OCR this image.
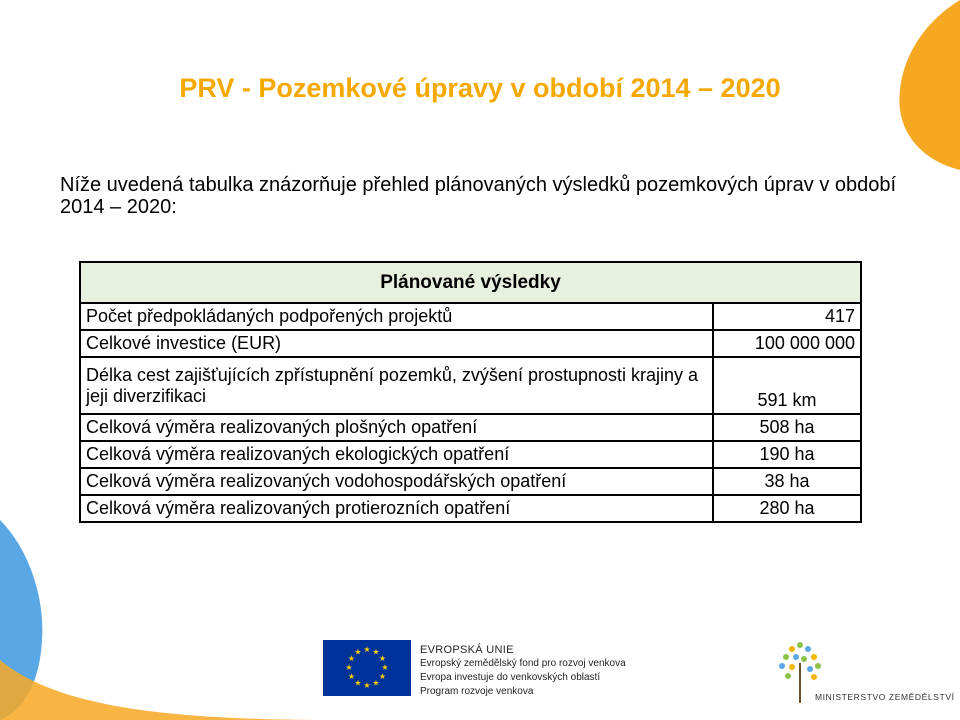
PRV - Pozemkové úpravy v období 2014 – 2020
Níže uvedená tabulka znázorňuje přehled plánovaných výsledků pozemkových úprav v období 2014 – 2020:
Plánované výsledky	
Počet předpokládaných podpořených projektů	417
Celkové investice (EUR)	100 000 000
Délka cest zajišťujících zpřístupnění pozemků, zvýšení prostupnosti krajiny a jeji diverzifikaci	591 km
Celková výměra realizovaných plošných opatření	508 ha
Celková výměra realizovaných ekologických opatření	190 ha
Celková výměra realizovaných vodohospodářských opatření	38 ha
Celková výměra realizovaných protierozních opatření	280 ha
★ ★
★
★
★
★
★
★
★
★
★
★	EVROPSKÁ UNIE
Evropský zemědělský fond pro rozvoj venkova
Evropa investuje do venkovských oblastí
Program rozvoje venkova	MINISTERSTVO ZEMĚDĚLSTVÍ
